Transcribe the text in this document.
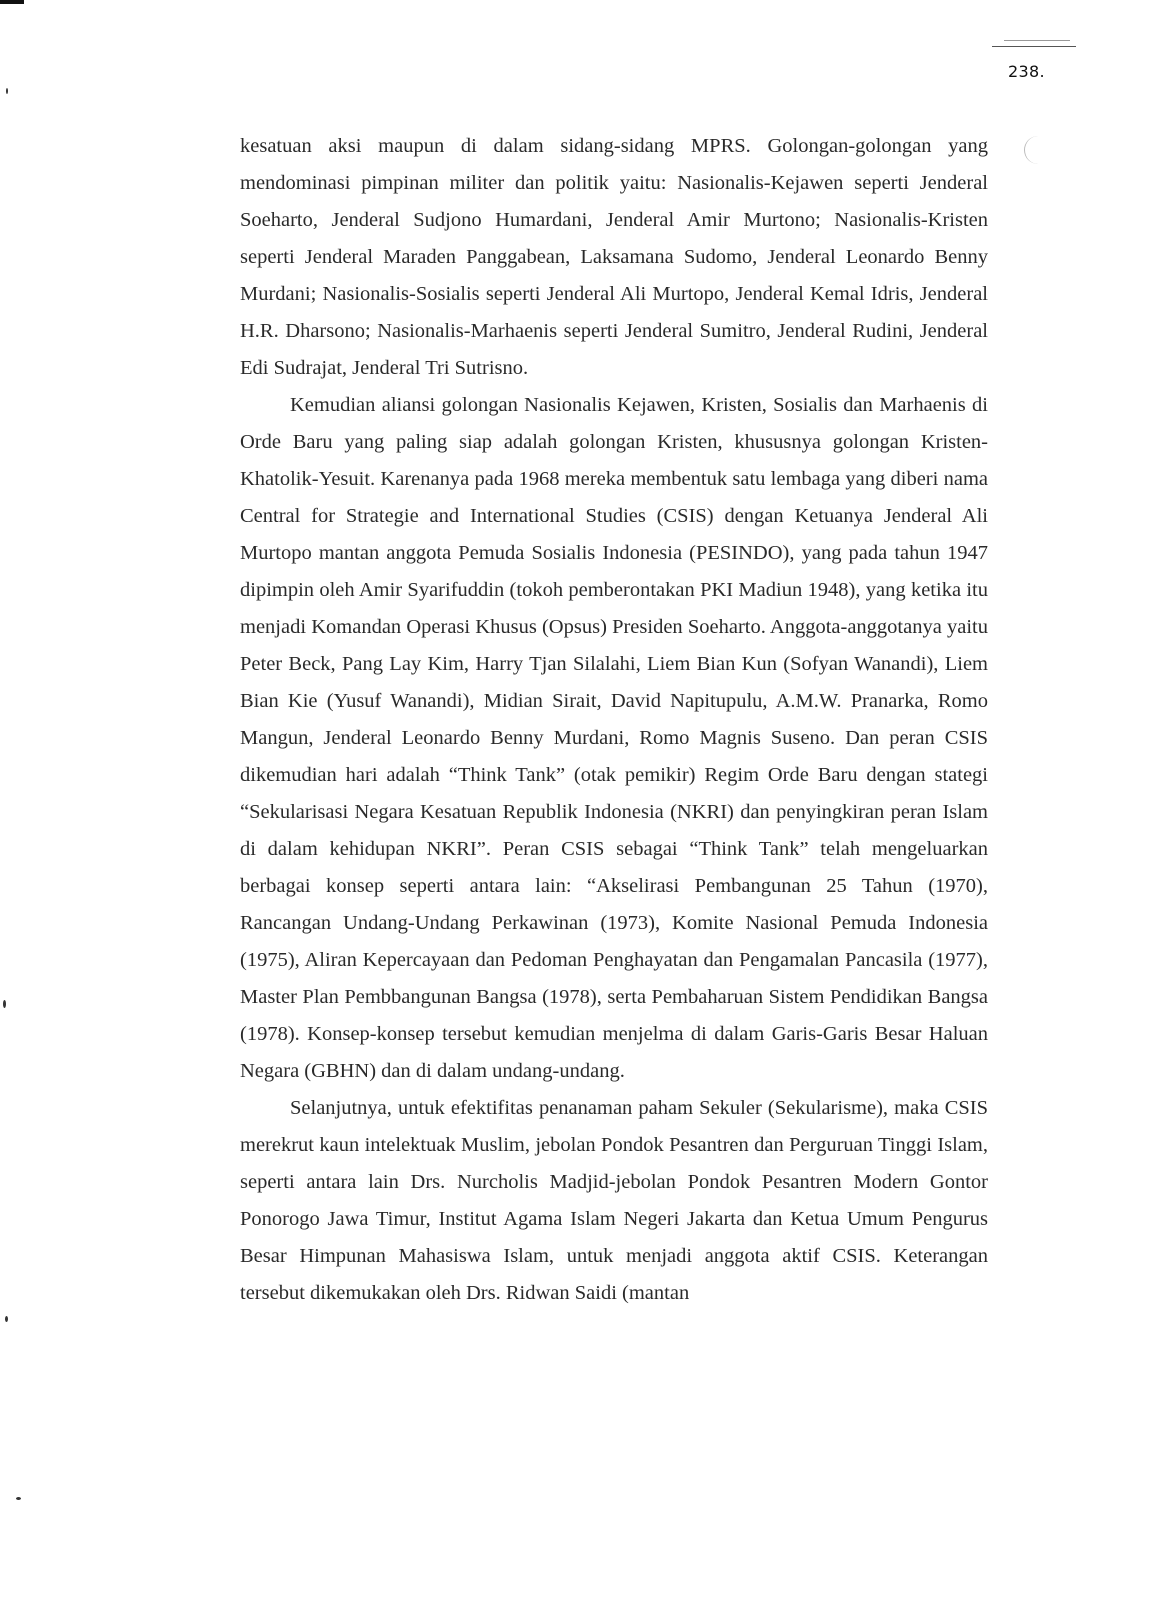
238.

kesatuan aksi maupun di dalam sidang-sidang MPRS. Golongan-golongan yang mendominasi pimpinan militer dan politik yaitu: Nasionalis-Kejawen seperti Jenderal Soeharto, Jenderal Sudjono Humardani, Jenderal Amir Murtono; Nasionalis-Kristen seperti Jenderal Maraden Panggabean, Laksamana Sudomo, Jenderal Leonardo Benny Murdani; Nasionalis-Sosialis seperti Jenderal Ali Murtopo, Jenderal Kemal Idris, Jenderal H.R. Dharsono; Nasionalis-Marhaenis seperti Jenderal Sumitro, Jenderal Rudini, Jenderal Edi Sudrajat, Jenderal Tri Sutrisno.

Kemudian aliansi golongan Nasionalis Kejawen, Kristen, Sosialis dan Marhaenis di Orde Baru yang paling siap adalah golongan Kristen, khususnya golongan Kristen-Khatolik-Yesuit. Karenanya pada 1968 mereka membentuk satu lembaga yang diberi nama Central for Strategie and International Studies (CSIS) dengan Ketuanya Jenderal Ali Murtopo mantan anggota Pemuda Sosialis Indonesia (PESINDO), yang pada tahun 1947 dipimpin oleh Amir Syarifuddin (tokoh pemberontakan PKI Madiun 1948), yang ketika itu menjadi Komandan Operasi Khusus (Opsus) Presiden Soeharto. Anggota-anggotanya yaitu Peter Beck, Pang Lay Kim, Harry Tjan Silalahi, Liem Bian Kun (Sofyan Wanandi), Liem Bian Kie (Yusuf Wanandi), Midian Sirait, David Napitupulu, A.M.W. Pranarka, Romo Mangun, Jenderal Leonardo Benny Murdani, Romo Magnis Suseno. Dan peran CSIS dikemudian hari adalah “Think Tank” (otak pemikir) Regim Orde Baru dengan stategi “Sekularisasi Negara Kesatuan Republik Indonesia (NKRI) dan penyingkiran peran Islam di dalam kehidupan NKRI”. Peran CSIS sebagai “Think Tank” telah mengeluarkan berbagai konsep seperti antara lain: “Akselirasi Pembangunan 25 Tahun (1970), Rancangan Undang-Undang Perkawinan (1973), Komite Nasional Pemuda Indonesia (1975), Aliran Kepercayaan dan Pedoman Penghayatan dan Pengamalan Pancasila (1977), Master Plan Pembbangunan Bangsa (1978), serta Pembaharuan Sistem Pendidikan Bangsa (1978). Konsep-konsep tersebut kemudian menjelma di dalam Garis-Garis Besar Haluan Negara (GBHN) dan di dalam undang-undang.

Selanjutnya, untuk efektifitas penanaman paham Sekuler (Sekularisme), maka CSIS merekrut kaun intelektuak Muslim, jebolan Pondok Pesantren dan Perguruan Tinggi Islam, seperti antara lain Drs. Nurcholis Madjid-jebolan Pondok Pesantren Modern Gontor Ponorogo Jawa Timur, Institut Agama Islam Negeri Jakarta dan Ketua Umum Pengurus Besar Himpunan Mahasiswa Islam, untuk menjadi anggota aktif CSIS. Keterangan tersebut dikemukakan oleh Drs. Ridwan Saidi (mantan
